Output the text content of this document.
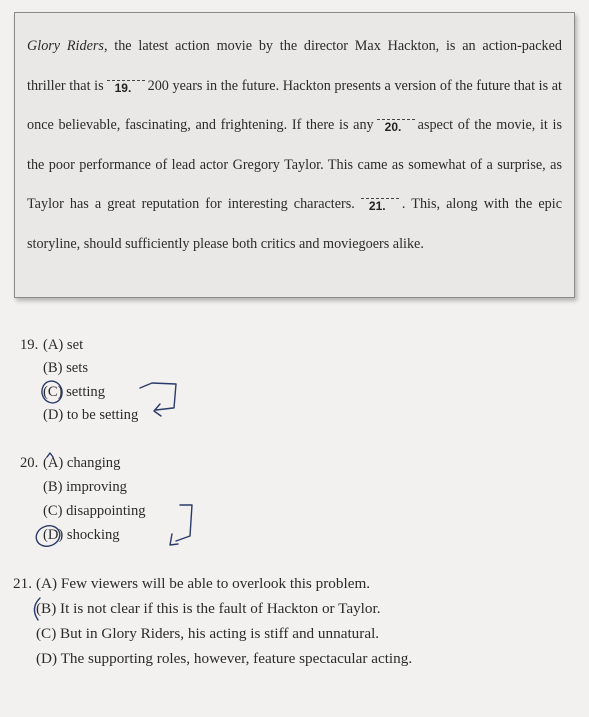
Glory Riders, the latest action movie by the director Max Hackton, is an action-packed thriller that is 19. 200 years in the future. Hackton presents a version of the future that is at once believable, fascinating, and frightening. If there is any 20. aspect of the movie, it is the poor performance of lead actor Gregory Taylor. This came as somewhat of a surprise, as Taylor has a great reputation for interesting characters. 21. . This, along with the epic storyline, should sufficiently please both critics and moviegoers alike.

19. (A) set
(B) sets
(C) setting
(D) to be setting
20. (A) changing
(B) improving
(C) disappointing
(D) shocking
21. (A) Few viewers will be able to overlook this problem.
(B) It is not clear if this is the fault of Hackton or Taylor.
(C) But in Glory Riders, his acting is stiff and unnatural.
(D) The supporting roles, however, feature spectacular acting.
